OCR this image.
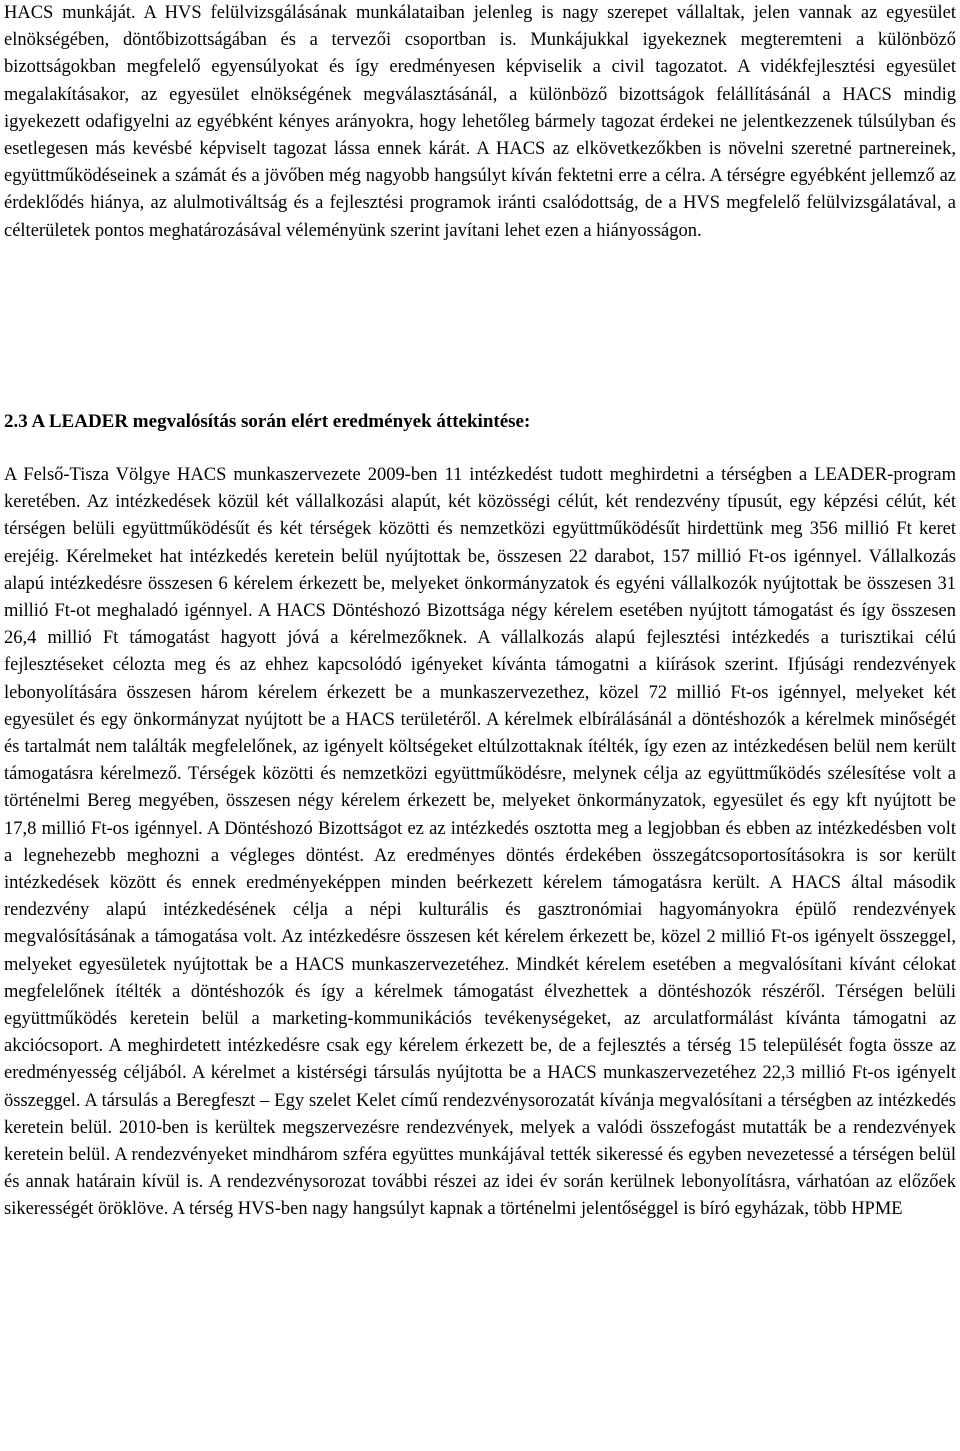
HACS munkáját. A HVS felülvizsgálásának munkálataiban jelenleg is nagy szerepet vállaltak, jelen vannak az egyesület elnökségében, döntőbizottságában és a tervezői csoportban is. Munkájukkal igyekeznek megteremteni a különböző bizottságokban megfelelő egyensúlyokat és így eredményesen képviselik a civil tagozatot. A vidékfejlesztési egyesület megalakításakor, az egyesület elnökségének megválasztásánál, a különböző bizottságok felállításánál a HACS mindig igyekezett odafigyelni az egyébként kényes arányokra, hogy lehetőleg bármely tagozat érdekei ne jelentkezzenek túlsúlyban és esetlegesen más kevésbé képviselt tagozat lássa ennek kárát. A HACS az elkövetkezőkben is növelni szeretné partnereinek, együttműködéseinek a számát és a jövőben még nagyobb hangsúlyt kíván fektetni erre a célra. A térségre egyébként jellemző az érdeklődés hiánya, az alulmotiváltság és a fejlesztési programok iránti csalódottság, de a HVS megfelelő felülvizsgálatával, a célterületek pontos meghatározásával véleményünk szerint javítani lehet ezen a hiányosságon.

2.3 A LEADER megvalósítás során elért eredmények áttekintése:

A Felső-Tisza Völgye HACS munkaszervezete 2009-ben 11 intézkedést tudott meghirdetni a térségben a LEADER-program keretében. Az intézkedések közül két vállalkozási alapút, két közösségi célút, két rendezvény típusút, egy képzési célút, két térségen belüli együttműködésűt és két térségek közötti és nemzetközi együttműködésűt hirdettünk meg 356 millió Ft keret erejéig. Kérelmeket hat intézkedés keretein belül nyújtottak be, összesen 22 darabot, 157 millió Ft-os igénnyel. Vállalkozás alapú intézkedésre összesen 6 kérelem érkezett be, melyeket önkormányzatok és egyéni vállalkozók nyújtottak be összesen 31 millió Ft-ot meghaladó igénnyel. A HACS Döntéshozó Bizottsága négy kérelem esetében nyújtott támogatást és így összesen 26,4 millió Ft támogatást hagyott jóvá a kérelmezőknek. A vállalkozás alapú fejlesztési intézkedés a turisztikai célú fejlesztéseket célozta meg és az ehhez kapcsolódó igényeket kívánta támogatni a kiírások szerint. Ifjúsági rendezvények lebonyolítására összesen három kérelem érkezett be a munkaszervezethez, közel 72 millió Ft-os igénnyel, melyeket két egyesület és egy önkormányzat nyújtott be a HACS területéről. A kérelmek elbírálásánál a döntéshozók a kérelmek minőségét és tartalmát nem találták megfelelőnek, az igényelt költségeket eltúlzottaknak ítélték, így ezen az intézkedésen belül nem került támogatásra kérelmező. Térségek közötti és nemzetközi együttműködésre, melynek célja az együttműködés szélesítése volt a történelmi Bereg megyében, összesen négy kérelem érkezett be, melyeket önkormányzatok, egyesület és egy kft nyújtott be 17,8 millió Ft-os igénnyel. A Döntéshozó Bizottságot ez az intézkedés osztotta meg a legjobban és ebben az intézkedésben volt a legnehezebb meghozni a végleges döntést. Az eredményes döntés érdekében összegátcsoportosításokra is sor került intézkedések között és ennek eredményeképpen minden beérkezett kérelem támogatásra került. A HACS által második rendezvény alapú intézkedésének célja a népi kulturális és gasztronómiai hagyományokra épülő rendezvények megvalósításának a támogatása volt. Az intézkedésre összesen két kérelem érkezett be, közel 2 millió Ft-os igényelt összeggel, melyeket egyesületek nyújtottak be a HACS munkaszervezetéhez. Mindkét kérelem esetében a megvalósítani kívánt célokat megfelelőnek ítélték a döntéshozók és így a kérelmek támogatást élvezhettek a döntéshozók részéről. Térségen belüli együttműködés keretein belül a marketing-kommunikációs tevékenységeket, az arculatformálást kívánta támogatni az akciócsoport. A meghirdetett intézkedésre csak egy kérelem érkezett be, de a fejlesztés a térség 15 települését fogta össze az eredményesség céljából. A kérelmet a kistérségi társulás nyújtotta be a HACS munkaszervezetéhez 22,3 millió Ft-os igényelt összeggel. A társulás a Beregfeszt – Egy szelet Kelet című rendezvénysorozatát kívánja megvalósítani a térségben az intézkedés keretein belül. 2010-ben is kerültek megszervezésre rendezvények, melyek a valódi összefogást mutatták be a rendezvények keretein belül. A rendezvényeket mindhárom szféra együttes munkájával tették sikeressé és egyben nevezetessé a térségen belül és annak határain kívül is. A rendezvénysorozat további részei az idei év során kerülnek lebonyolításra, várhatóan az előzőek sikerességét öröklöve. A térség HVS-ben nagy hangsúlyt kapnak a történelmi jelentőséggel is bíró egyházak, több HPME
